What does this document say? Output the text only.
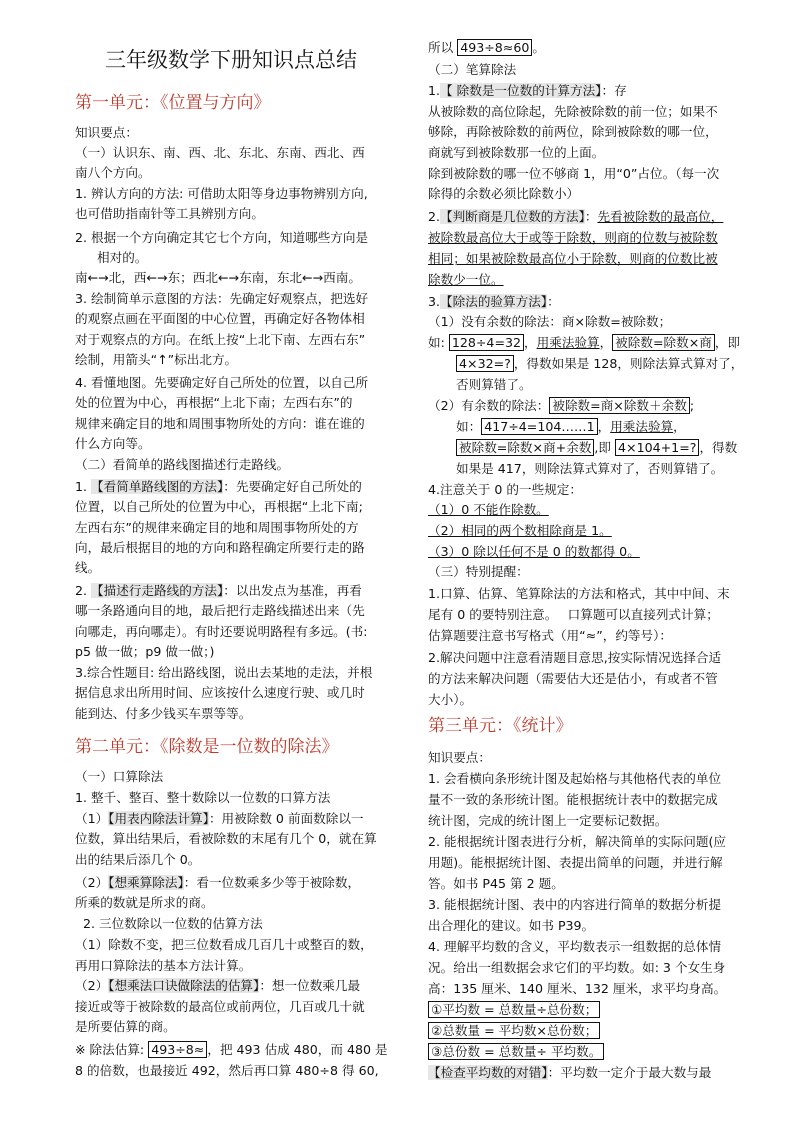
三年级数学下册知识点总结
第一单元：《位置与方向》
知识要点：
（一）认识东、南、西、北、东北、东南、西北、西
南八个方向。
1. 辨认方向的方法: 可借助太阳等身边事物辨别方向,
也可借助指南针等工具辨别方向。
2. 根据一个方向确定其它七个方向，知道哪些方向是
相对的。
南←→北，西←→东；西北←→东南，东北←→西南。
3. 绘制简单示意图的方法：先确定好观察点，把选好
的观察点画在平面图的中心位置，再确定好各物体相
对于观察点的方向。在纸上按“上北下南、左西右东”
绘制，用箭头“↑”标出北方。
4. 看懂地图。先要确定好自己所处的位置，以自己所
处的位置为中心，再根据“上北下南；左西右东”的
规律来确定目的地和周围事物所处的方向：谁在谁的
什么方向等。
（二）看简单的路线图描述行走路线。
1. 【看简单路线图的方法】：先要确定好自己所处的
位置，以自己所处的位置为中心，再根据“上北下南;
左西右东”的规律来确定目的地和周围事物所处的方
向，最后根据目的地的方向和路程确定所要行走的路
线。
2. 【描述行走路线的方法】：以出发点为基准，再看
哪一条路通向目的地，最后把行走路线描述出来（先
向哪走，再向哪走）。有时还要说明路程有多远。(书:
p5 做一做；p9 做一做；)
3.综合性题目: 给出路线图，说出去某地的走法，并根
据信息求出所用时间、应该按什么速度行驶、或几时
能到达、付多少钱买车票等等。
第二单元：《除数是一位数的除法》
（一）口算除法
1. 整千、整百、整十数除以一位数的口算方法
（1）【用表内除法计算】：用被除数 0 前面数除以一
位数，算出结果后，看被除数的末尾有几个 0，就在算
出的结果后添几个 0。
（2）【想乘算除法】：看一位数乘多少等于被除数，
所乘的数就是所求的商。
2. 三位数除以一位数的估算方法
（1）除数不变，把三位数看成几百几十或整百的数，
再用口算除法的基本方法计算。
（2）【想乘法口诀做除法的估算】：想一位数乘几最
接近或等于被除数的最高位或前两位，几百或几十就
是所要估算的商。
※ 除法估算: 493÷8≈ ，把 493 估成 480，而 480 是
8 的倍数，也最接近 492，然后再口算 480÷8 得 60,
所以 493÷8≈60 。
（二）笔算除法
1.【 除数是一位数的计算方法】：存
从被除数的高位除起，先除被除数的前一位；如果不
够除，再除被除数的前两位，除到被除数的哪一位，
商就写到被除数那一位的上面。
除到被除数的哪一位不够商 1，用“0”占位。（每一次
除得的余数必须比除数小）
2.【判断商是几位数的方法】：先看被除数的最高位，
被除数最高位大于或等于除数，则商的位数与被除数
相同；如果被除数最高位小于除数，则商的位数比被
除数少一位。
3.【除法的验算方法】：
（1）没有余数的除法：商×除数=被除数；
如: 128÷4=32 ，用乘法验算， 被除数=除数×商 ，即
4×32=? ，得数如果是 128，则除法算式算对了，
否则算错了。
（2）有余数的除法： 被除数=商×除数＋余数 ;
如： 417÷4=104……1 ，用乘法验算，
被除数=除数×商+余数 ,即 4×104+1=? ，得数
如果是 417，则除法算式算对了，否则算错了。
4.注意关于 0 的一些规定：
（1）0 不能作除数。
（2）相同的两个数相除商是 1。
（3）0 除以任何不是 0 的数都得 0。
（三）特别提醒：
1.口算、估算、笔算除法的方法和格式，其中中间、末
尾有 0 的要特别注意。　 口算题可以直接列式计算；
估算题要注意书写格式（用“≈”，约等号）：
2.解决问题中注意看清题目意思,按实际情况选择合适
的方法来解决问题（需要估大还是估小，有或者不管
大小）。
第三单元：《统计》
知识要点：
1. 会看横向条形统计图及起始格与其他格代表的单位
量不一致的条形统计图。能根据统计表中的数据完成
统计图，完成的统计图上一定要标记数据。
2. 能根据统计图表进行分析，解决简单的实际问题(应
用题)。能根据统计图、表提出简单的问题，并进行解
答。如书 P45 第 2 题。
3. 能根据统计图、表中的内容进行简单的数据分析提
出合理化的建议。如书 P39。
4. 理解平均数的含义，平均数表示一组数据的总体情
况。给出一组数据会求它们的平均数。如: 3 个女生身
高：135 厘米、140 厘米、132 厘米，求平均身高。
①平均数 = 总数量÷总份数；
②总数量 = 平均数×总份数；
③总份数 = 总数量÷ 平均数。
【检查平均数的对错】：平均数一定介于最大数与最
